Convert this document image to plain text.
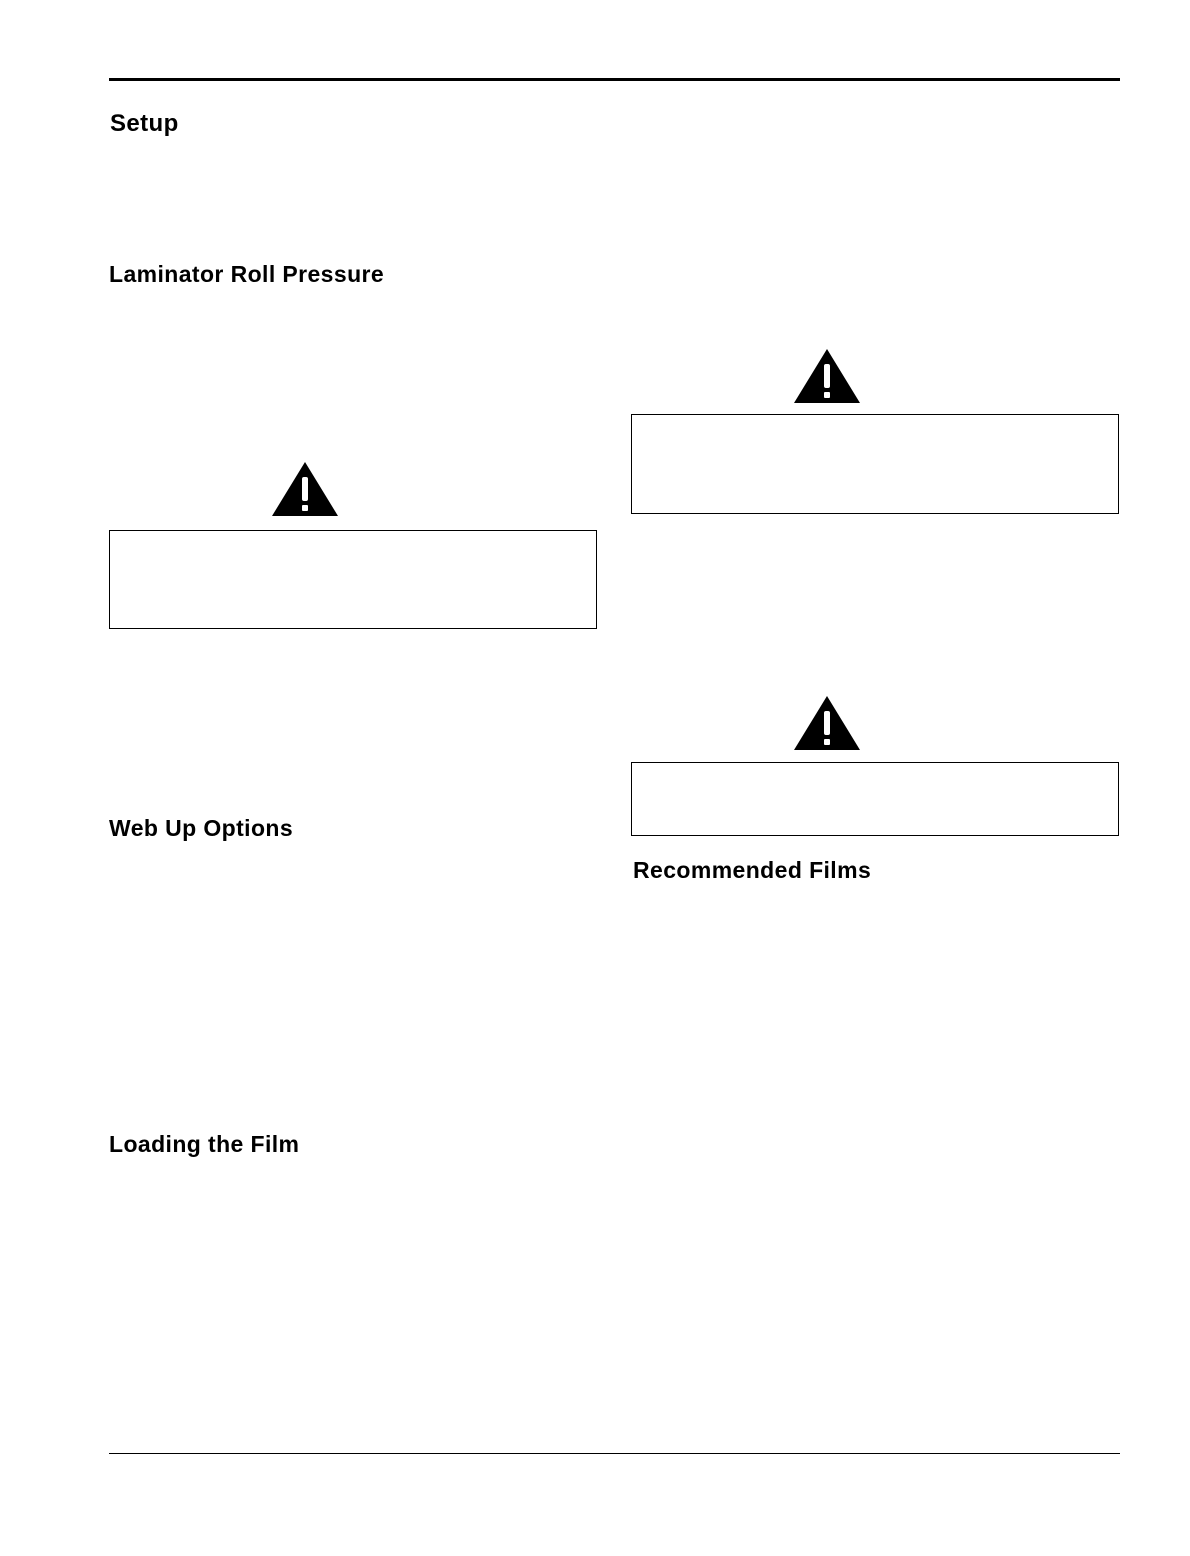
Setup
Laminator Roll Pressure
Web Up Options
Loading the Film
Recommended Films
